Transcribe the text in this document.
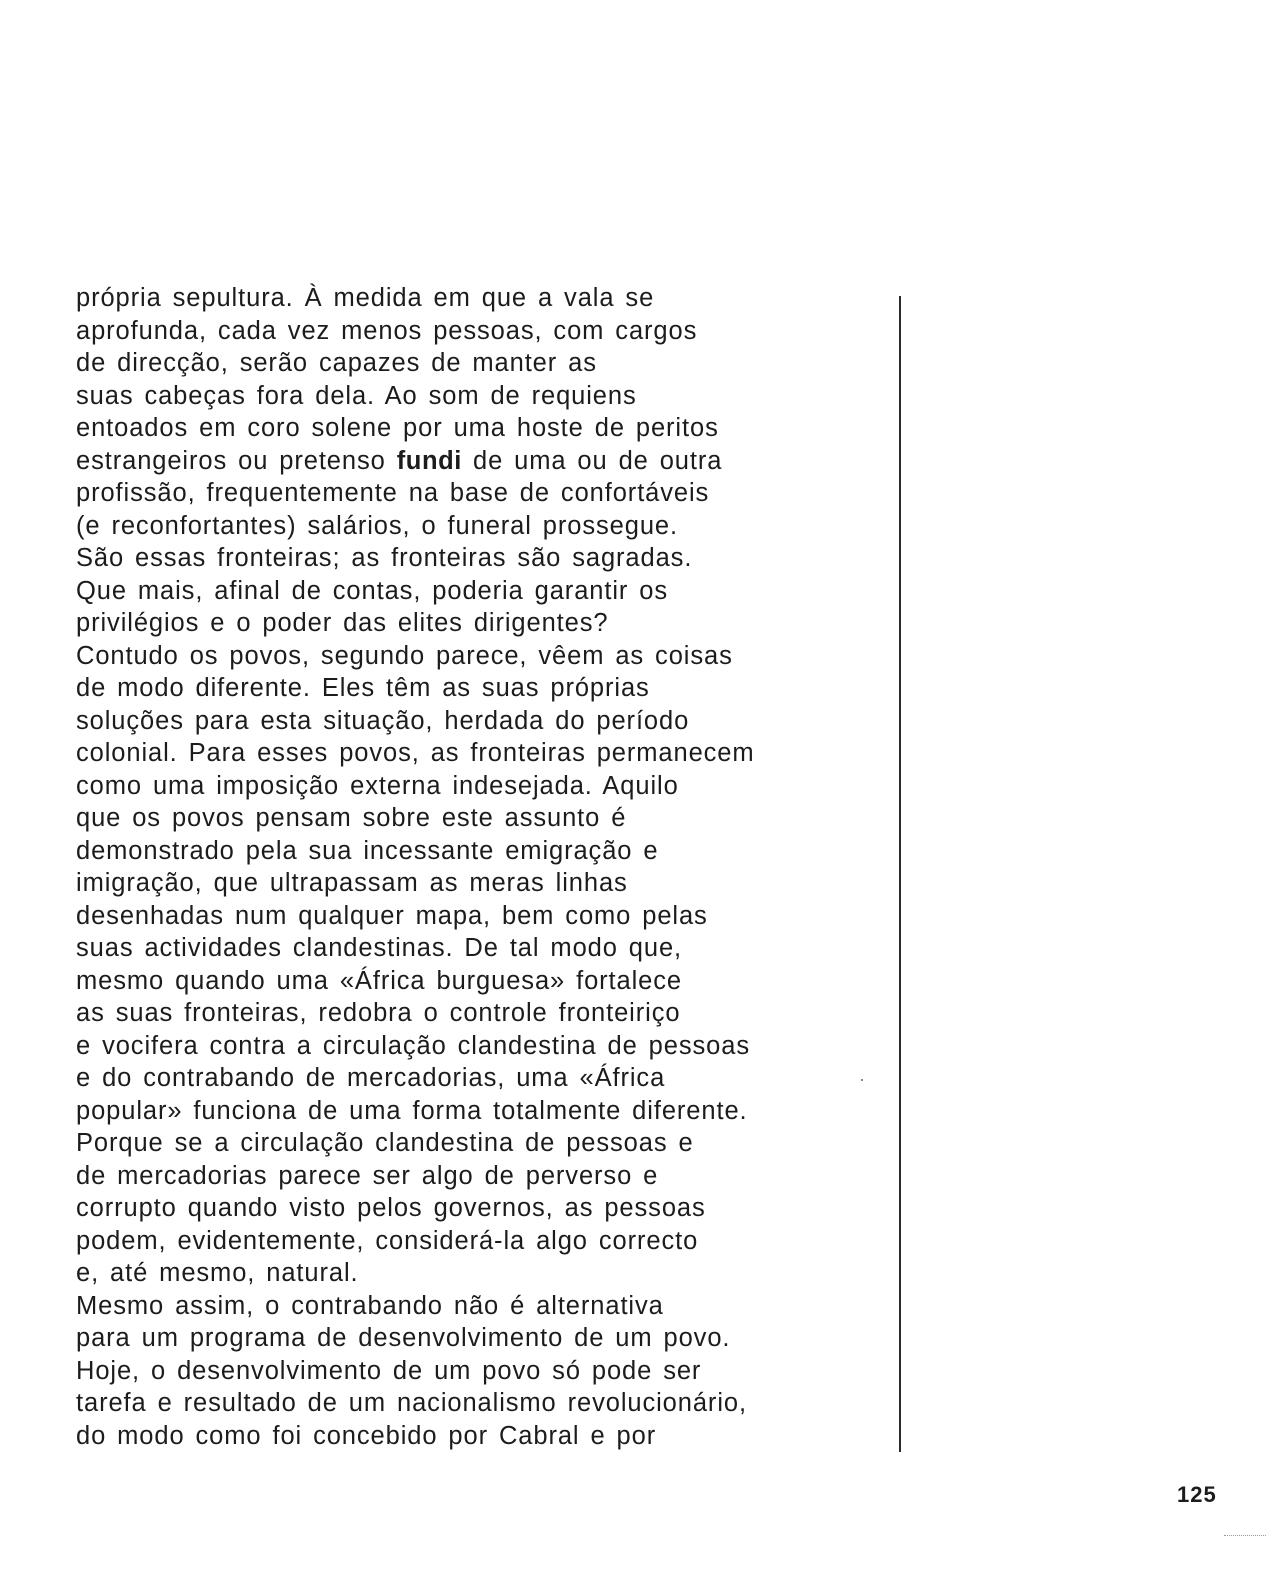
própria sepultura. À medida em que a vala se
aprofunda, cada vez menos pessoas, com cargos
de direcção, serão capazes de manter as
suas cabeças fora dela. Ao som de requiens
entoados em coro solene por uma hoste de peritos
estrangeiros ou pretenso fundi de uma ou de outra
profissão, frequentemente na base de confortáveis
(e reconfortantes) salários, o funeral prossegue.
São essas fronteiras; as fronteiras são sagradas.
Que mais, afinal de contas, poderia garantir os
privilégios e o poder das elites dirigentes?
Contudo os povos, segundo parece, vêem as coisas
de modo diferente. Eles têm as suas próprias
soluções para esta situação, herdada do período
colonial. Para esses povos, as fronteiras permanecem
como uma imposição externa indesejada. Aquilo
que os povos pensam sobre este assunto é
demonstrado pela sua incessante emigração e
imigração, que ultrapassam as meras linhas
desenhadas num qualquer mapa, bem como pelas
suas actividades clandestinas. De tal modo que,
mesmo quando uma «África burguesa» fortalece
as suas fronteiras, redobra o controle fronteiriço
e vocifera contra a circulação clandestina de pessoas
e do contrabando de mercadorias, uma «África
popular» funciona de uma forma totalmente diferente.
Porque se a circulação clandestina de pessoas e
de mercadorias parece ser algo de perverso e
corrupto quando visto pelos governos, as pessoas
podem, evidentemente, considerá-la algo correcto
e, até mesmo, natural.
Mesmo assim, o contrabando não é alternativa
para um programa de desenvolvimento de um povo.
Hoje, o desenvolvimento de um povo só pode ser
tarefa e resultado de um nacionalismo revolucionário,
do modo como foi concebido por Cabral e por
125
